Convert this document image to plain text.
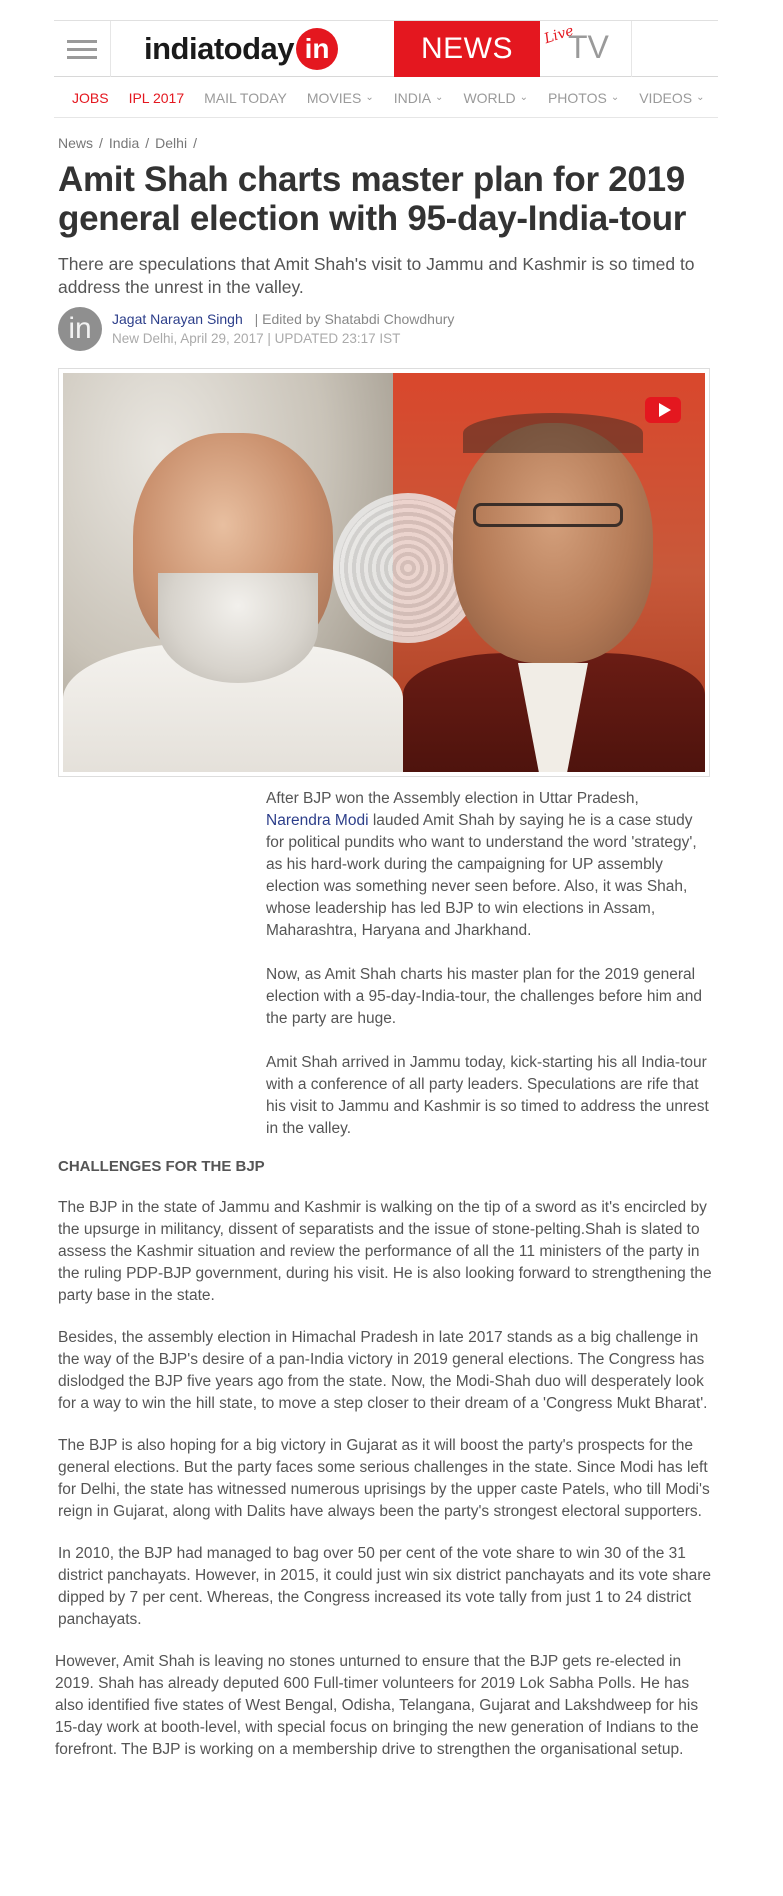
indiatoday in	NEWS	Live
TV
JOBS IPL 2017 MAIL TODAY MOVIES ⌄ INDIA ⌄ WORLD ⌄ PHOTOS ⌄ VIDEOS ⌄
News / India / Delhi /
Amit Shah charts master plan for 2019 general election with 95-day-India-tour
There are speculations that Amit Shah's visit to Jammu and Kashmir is so timed to address the unrest in the valley.
in	Jagat Narayan Singh | Edited by Shatabdi Chowdhury
New Delhi, April 29, 2017 | UPDATED 23:17 IST

After BJP won the Assembly election in Uttar Pradesh,
Narendra Modi lauded Amit Shah by saying he is a case study for political pundits who want to understand the word 'strategy', as his hard-work during the campaigning for UP assembly election was something never seen before. Also, it was Shah, whose leadership has led BJP to win elections in Assam, Maharashtra, Haryana and Jharkhand.

Now, as Amit Shah charts his master plan for the 2019 general election with a 95-day-India-tour, the challenges before him and the party are huge.

Amit Shah arrived in Jammu today, kick-starting his all India-tour with a conference of all party leaders. Speculations are rife that his visit to Jammu and Kashmir is so timed to address the unrest in the valley.

CHALLENGES FOR THE BJP

The BJP in the state of Jammu and Kashmir is walking on the tip of a sword as it's encircled by the upsurge in militancy, dissent of separatists and the issue of stone-pelting.Shah is slated to assess the Kashmir situation and review the performance of all the 11 ministers of the party in the ruling PDP-BJP government, during his visit. He is also looking forward to strengthening the party base in the state.

Besides, the assembly election in Himachal Pradesh in late 2017 stands as a big challenge in the way of the BJP's desire of a pan-India victory in 2019 general elections. The Congress has dislodged the BJP five years ago from the state. Now, the Modi-Shah duo will desperately look for a way to win the hill state, to move a step closer to their dream of a 'Congress Mukt Bharat'.

The BJP is also hoping for a big victory in Gujarat as it will boost the party's prospects for the general elections. But the party faces some serious challenges in the state. Since Modi has left for Delhi, the state has witnessed numerous uprisings by the upper caste Patels, who till Modi's reign in Gujarat, along with Dalits have always been the party's strongest electoral supporters.

In 2010, the BJP had managed to bag over 50 per cent of the vote share to win 30 of the 31 district panchayats. However, in 2015, it could just win six district panchayats and its vote share dipped by 7 per cent. Whereas, the Congress increased its vote tally from just 1 to 24 district panchayats.

However, Amit Shah is leaving no stones unturned to ensure that the BJP gets re-elected in 2019. Shah has already deputed 600 Full-timer volunteers for 2019 Lok Sabha Polls. He has also identified five states of West Bengal, Odisha, Telangana, Gujarat and Lakshdweep for his 15-day work at booth-level, with special focus on bringing the new generation of Indians to the forefront. The BJP is working on a membership drive to strengthen the organisational setup.
